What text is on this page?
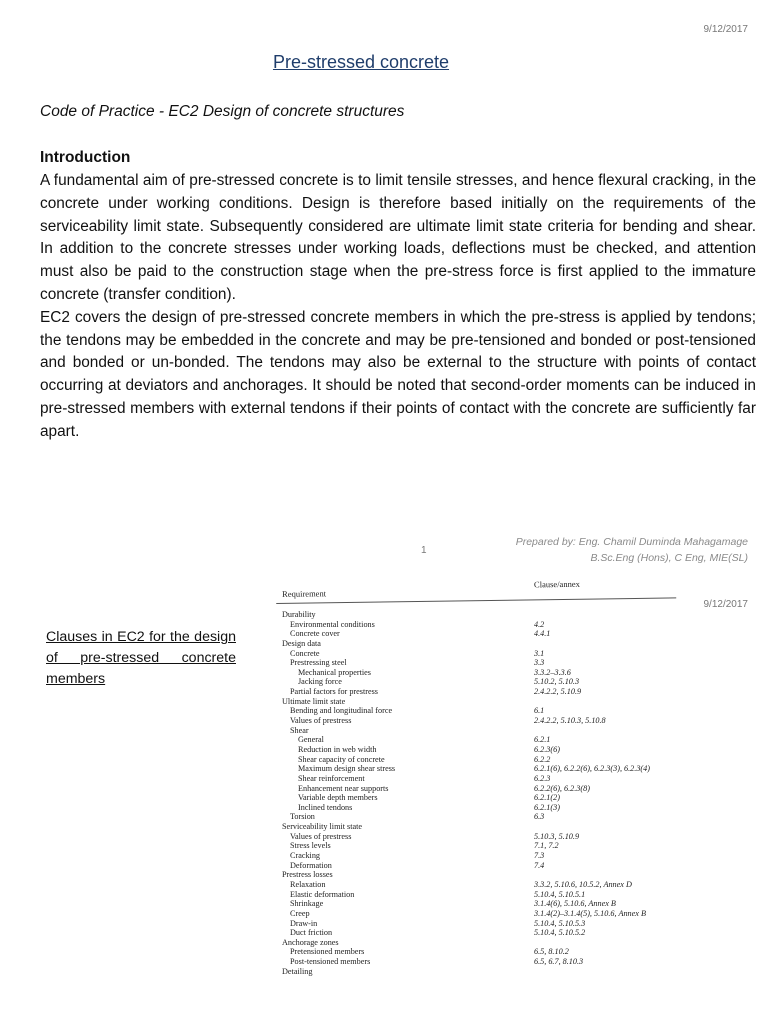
9/12/2017
Pre-stressed concrete
Code of Practice - EC2 Design of concrete structures
Introduction

A fundamental aim of pre-stressed concrete is to limit tensile stresses, and hence flexural cracking, in the concrete under working conditions. Design is therefore based initially on the requirements of the serviceability limit state. Subsequently considered are ultimate limit state criteria for bending and shear. In addition to the concrete stresses under working loads, deflections must be checked, and attention must also be paid to the construction stage when the pre-stress force is first applied to the immature concrete (transfer condition).

EC2 covers the design of pre-stressed concrete members in which the pre-stress is applied by tendons; the tendons may be embedded in the concrete and may be pre-tensioned and bonded or post-tensioned and bonded or un-bonded. The tendons may also be external to the structure with points of contact occurring at deviators and anchorages. It should be noted that second-order moments can be induced in pre-stressed members with external tendons if their points of contact with the concrete are sufficiently far apart.

1
Prepared by: Eng. Chamil Duminda Mahagamage
B.Sc.Eng (Hons), C Eng, MIE(SL)
9/12/2017
Clauses in EC2 for the design of pre-stressed concrete members
Requirement
Clause/annex
Durability
Environmental conditions	4.2
Concrete cover	4.4.1
Design data
Concrete	3.1
Prestressing steel	3.3
Mechanical properties	3.3.2–3.3.6
Jacking force	5.10.2, 5.10.3
Partial factors for prestress	2.4.2.2, 5.10.9
Ultimate limit state
Bending and longitudinal force	6.1
Values of prestress	2.4.2.2, 5.10.3, 5.10.8
Shear
General	6.2.1
Reduction in web width	6.2.3(6)
Shear capacity of concrete	6.2.2
Maximum design shear stress	6.2.1(6), 6.2.2(6), 6.2.3(3), 6.2.3(4)
Shear reinforcement	6.2.3
Enhancement near supports	6.2.2(6), 6.2.3(8)
Variable depth members	6.2.1(2)
Inclined tendons	6.2.1(3)
Torsion	6.3
Serviceability limit state
Values of prestress	5.10.3, 5.10.9
Stress levels	7.1, 7.2
Cracking	7.3
Deformation	7.4
Prestress losses
Relaxation	3.3.2, 5.10.6, 10.5.2, Annex D
Elastic deformation	5.10.4, 5.10.5.1
Shrinkage	3.1.4(6), 5.10.6, Annex B
Creep	3.1.4(2)–3.1.4(5), 5.10.6, Annex B
Draw-in	5.10.4, 5.10.5.3
Duct friction	5.10.4, 5.10.5.2
Anchorage zones
Pretensioned members	6.5, 8.10.2
Post-tensioned members	6.5, 6.7, 8.10.3
Detailing
